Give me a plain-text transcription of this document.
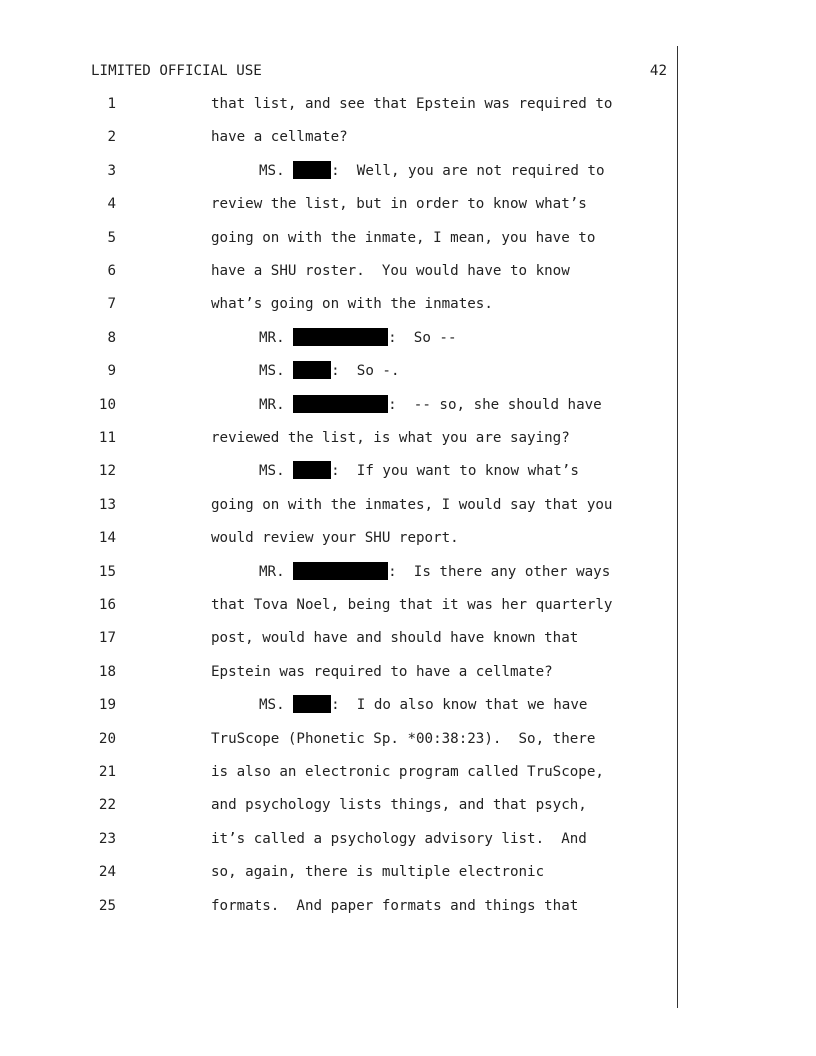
LIMITED OFFICIAL USE	42
1	that list, and see that Epstein was required to
2	have a cellmate?
3	MS.	:  Well, you are not required to
4	review the list, but in order to know what’s
5	going on with the inmate, I mean, you have to
6	have a SHU roster.  You would have to know
7	what’s going on with the inmates.
8	MR.	:  So --
9	MS.	:  So -.
10	MR.	:  -- so, she should have
11	reviewed the list, is what you are saying?
12	MS.	:  If you want to know what’s
13	going on with the inmates, I would say that you
14	would review your SHU report.
15	MR.	:  Is there any other ways
16	that Tova Noel, being that it was her quarterly
17	post, would have and should have known that
18	Epstein was required to have a cellmate?
19	MS.	:  I do also know that we have
20	TruScope (Phonetic Sp. *00:38:23).  So, there
21	is also an electronic program called TruScope,
22	and psychology lists things, and that psych,
23	it’s called a psychology advisory list.  And
24	so, again, there is multiple electronic
25	formats.  And paper formats and things that
